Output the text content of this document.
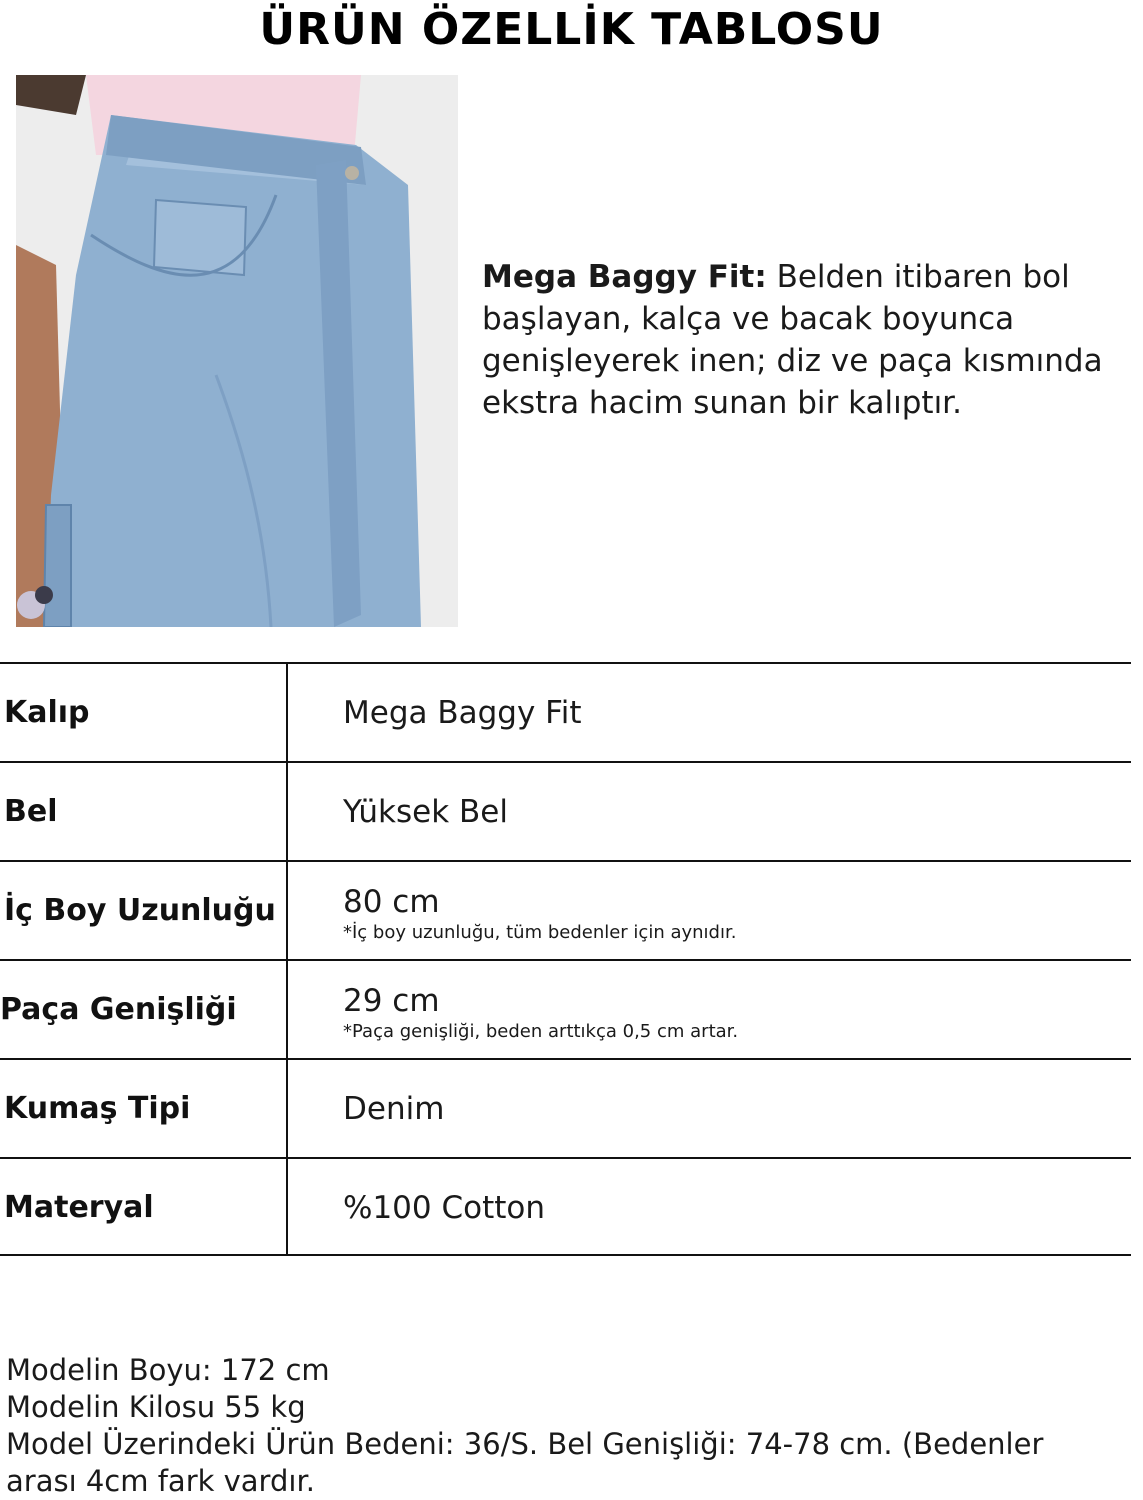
ÜRÜN ÖZELLİK TABLOSU
Mega Baggy Fit: Belden itibaren bol
başlayan, kalça ve bacak boyunca
genişleyerek inen; diz ve paça kısmında
ekstra hacim sunan bir kalıptır.
Kalıp	Mega Baggy Fit
Bel	Yüksek Bel
İç Boy Uzunluğu	80 cm
*İç boy uzunluğu, tüm bedenler için aynıdır.
Paça Genişliği	29 cm
*Paça genişliği, beden arttıkça 0,5 cm artar.
Kumaş Tipi	Denim
Materyal	%100 Cotton
Modelin Boyu: 172 cm
Modelin Kilosu 55 kg
Model Üzerindeki Ürün Bedeni: 36/S. Bel Genişliği: 74-78 cm. (Bedenler
arası 4cm fark vardır.
